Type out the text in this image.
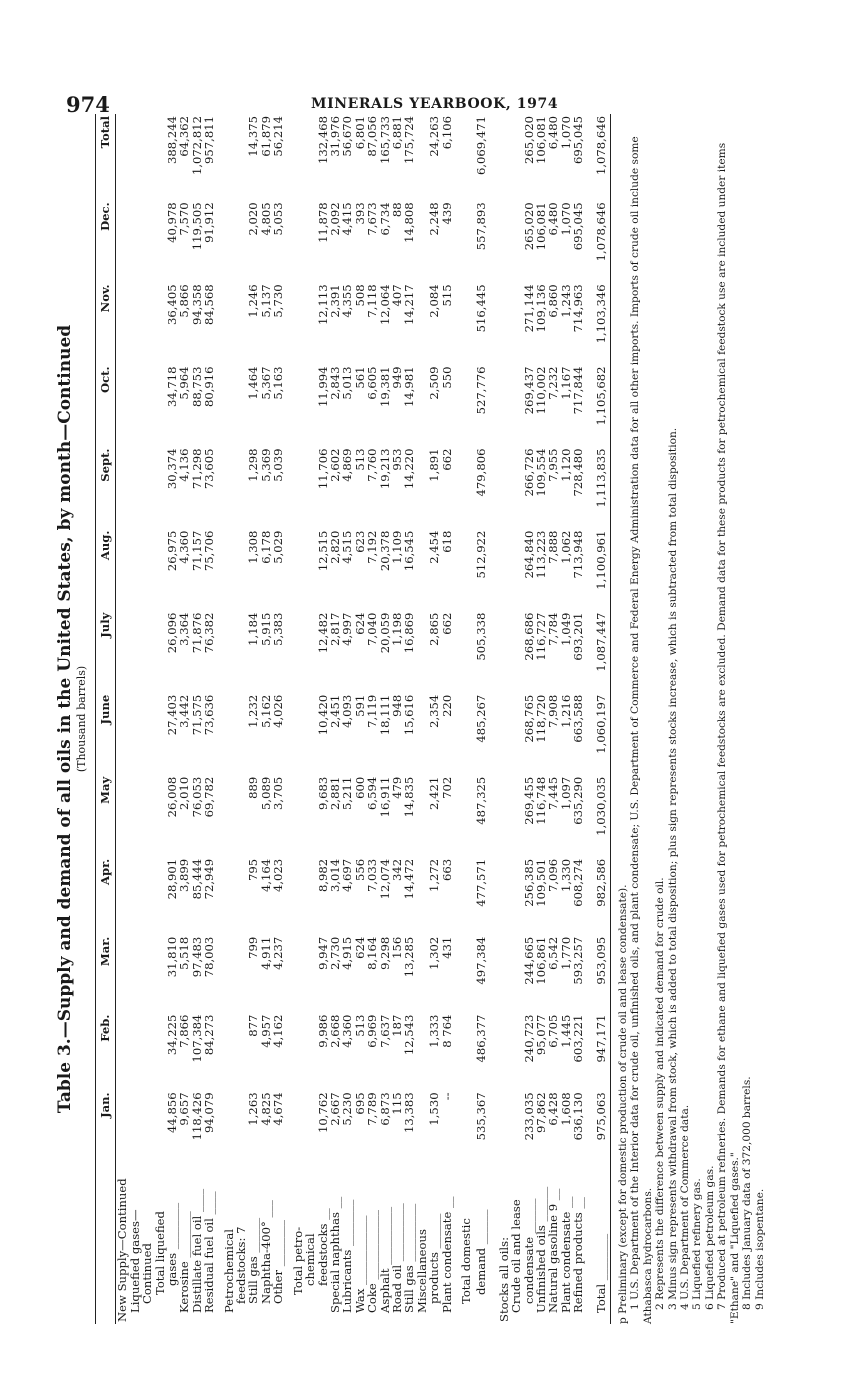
974	MINERALS YEARBOOK, 1974
Table 3.—Supply and demand of all oils in the United States, by month—Continued (Thousand barrels)
	Jan.	Feb.	Mar.	Apr.	May	June	July	Aug.	Sept.	Oct.	Nov.	Dec.	Total
New Supply—Continued													
Liquefied gases—													
Continued													
Total liquefied													
gases ________	44,856	34,225	31,810	28,901	26,008	27,403	26,096	26,975	30,374	34,718	36,405	40,978	388,244
Kerosine ________	9,657	7,866	5,518	3,899	2,010	3,442	3,364	4,360	4,136	5,964	5,866	7,570	64,362
Distillate fuel oil ____	118,426	107,384	97,483	85,444	76,053	71,575	71,876	71,157	71,298	88,753	94,358	119,505	1,072,812
Residual fuel oil ____	94,079	84,273	78,003	72,949	69,782	73,636	76,382	75,706	73,605	80,916	84,568	91,912	957,811

Petrochemical													
feedstocks: 7													
Still gas ______	1,263	877	799	795	889	1,232	1,184	1,308	1,298	1,464	1,246	2,020	14,375
Naphtha-400° ___	4,825	4,957	4,911	4,164	5,089	5,162	5,915	6,178	5,369	5,367	5,137	4,805	61,879
Other ________	4,674	4,162	4,237	4,023	3,705	4,026	5,383	5,029	5,039	5,163	5,730	5,053	56,214

Total petro-													
chemical													
feedstocks __	10,762	9,986	9,947	8,982	9,683	10,420	12,482	12,515	11,706	11,994	12,113	11,878	132,468
Special naphthas __	2,667	2,668	2,730	3,014	2,881	2,451	2,817	2,820	2,602	2,843	2,391	2,092	31,976
Lubricants ________	5,230	4,360	4,915	4,697	5,211	4,093	4,997	4,515	4,869	5,013	4,355	4,415	56,670
Wax ____________	695	513	624	556	600	591	624	623	513	561	508	393	6,801
Coke ____________	7,789	6,969	8,164	7,033	6,594	7,119	7,040	7,192	7,760	6,605	7,118	7,673	87,056
Asphalt __________	6,873	7,637	9,298	12,074	16,911	18,111	20,059	20,378	19,213	19,381	12,064	6,734	165,733
Road oil __________	115	187	156	342	479	948	1,198	1,109	953	949	407	88	6,881
Still gas __________	13,383	12,543	13,285	14,472	14,835	15,616	16,869	16,545	14,220	14,981	14,217	14,808	175,724
Miscellaneous													
products ______	1,530	1,333	1,302	1,272	2,421	2,354	2,865	2,454	1,891	2,509	2,084	2,248	24,263
Plant condensate __	--	8 764	431	663	702	220	662	618	662	550	515	439	6,106

Total domestic													
demand ______	535,367	486,377	497,384	477,571	487,325	485,267	505,338	512,922	479,806	527,776	516,445	557,893	6,069,471

Stocks all oils:													
Crude oil and lease													
condensate ______	233,035	240,723	244,665	256,385	269,455	268,765	268,686	264,840	266,726	269,437	271,144	265,020	265,020
Unfinished oils ______	97,862	95,077	106,861	109,501	116,748	118,720	116,727	113,223	109,554	110,002	109,136	106,081	106,081
Natural gasoline 9 __	6,428	6,705	6,542	7,096	7,445	7,908	7,784	7,888	7,955	7,232	6,860	6,480	6,480
Plant condensate __	1,608	1,445	1,770	1,330	1,097	1,216	1,049	1,062	1,120	1,167	1,243	1,070	1,070
Refined products __	636,130	603,221	593,257	608,274	635,290	663,588	693,201	713,948	728,480	717,844	714,963	695,045	695,045

Total ________	975,063	947,171	953,095	982,586	1,030,035	1,060,197	1,087,447	1,100,961	1,113,835	1,105,682	1,103,346	1,078,646	1,078,646

p Preliminary (except for domestic production of crude oil and lease condensate). 1 U.S. Department of the Interior data for crude oil, unfinished oils, and plant condensate; U.S. Department of Commerce and Federal Energy Administration data for all other imports. Imports of crude oil include some Athabasca hydrocarbons. 2 Represents the difference between supply and indicated demand for crude oil. 3 Minus sign represents withdrawal from stock, which is added to total disposition; plus sign represents stocks increase, which is subtracted from total disposition. 4 U.S. Department of Commerce data. 5 Liquefied refinery gas. 6 Liquefied petroleum gas. 7 Produced at petroleum refineries. Demands for ethane and liquefied gases used for petrochemical feedstocks are excluded. Demand data for these products for petrochemical feedstock use are included under items "Ethane" and "Liquefied gases." 8 Includes January data of 372,000 barrels. 9 Includes isopentane.
